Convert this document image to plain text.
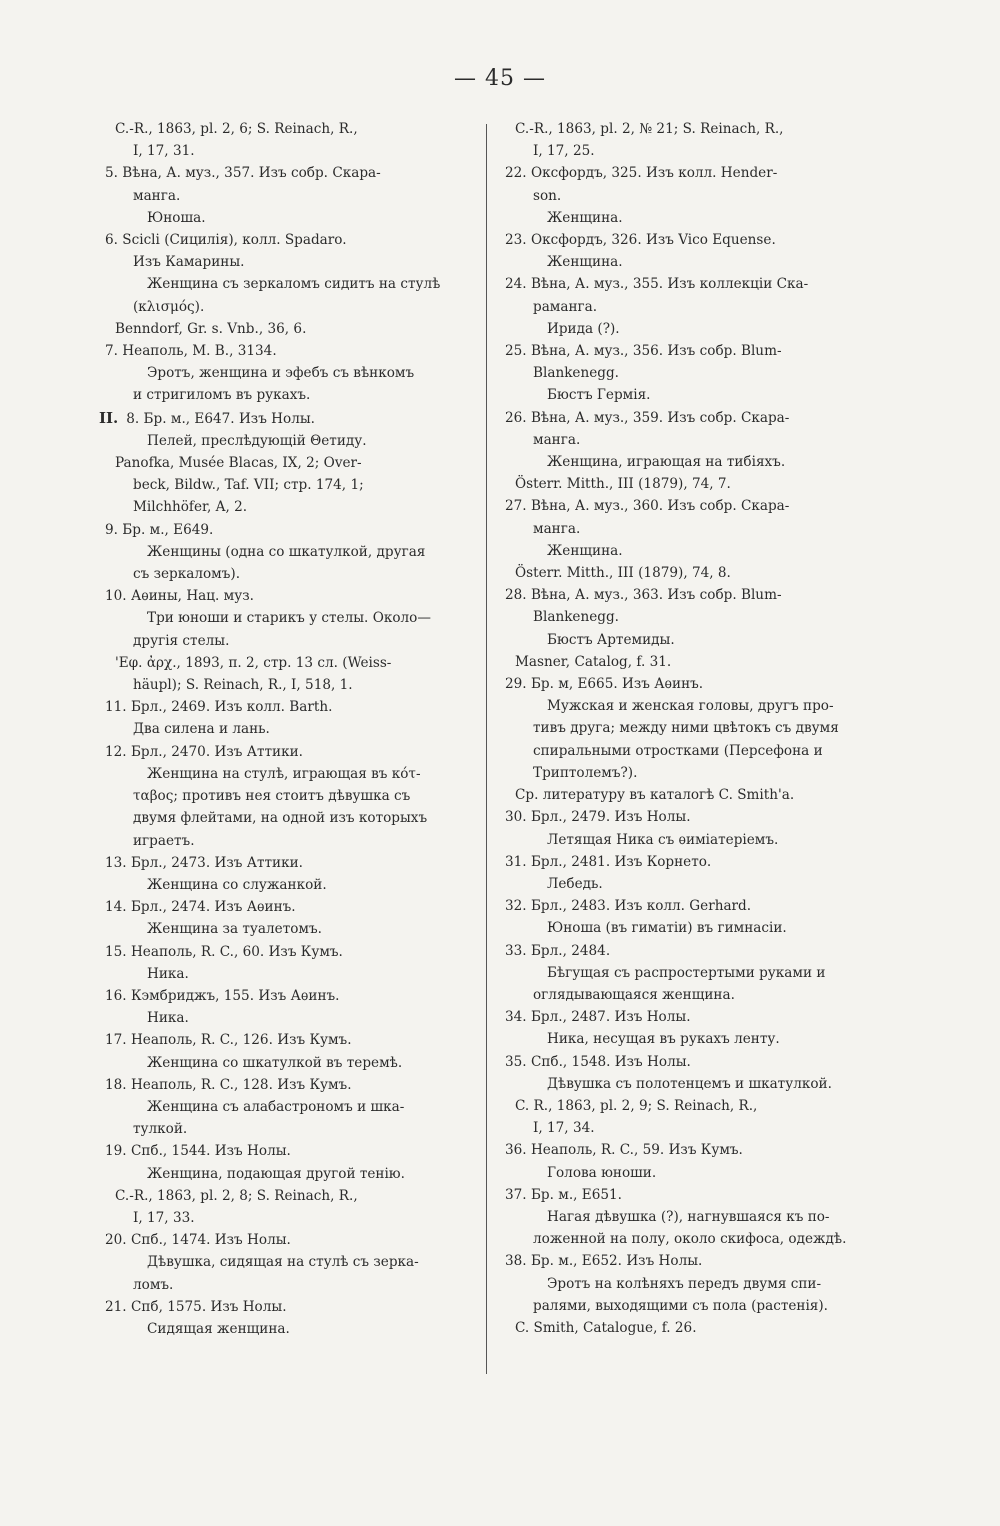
— 45 —
C.-R., 1863, pl. 2, 6; S. Reinach, R.,
I, 17, 31.
5. Вѣна, А. муз., 357. Изъ собр. Скара-
манга.
Юноша.
6. Scicli (Сицилія), колл. Spadaro.
Изъ Камарины.
Женщина съ зеркаломъ сидитъ на стулѣ
(κλισμός).
Benndorf, Gr. s. Vnb., 36, 6.
7. Неаполь, М. В., 3134.
Эротъ, женщина и эфебъ съ вѣнкомъ
и стригиломъ въ рукахъ.
II. 8. Бр. м., Е647. Изъ Нолы.
Пелей, преслѣдующій Θетиду.
Panofka, Musée Blacas, IX, 2; Over-
beck, Bildw., Taf. VII; стр. 174, 1;
Milchhöfer, A, 2.
9. Бр. м., Е649.
Женщины (одна со шкатулкой, другая
съ зеркаломъ).
10. Аѳины, Нац. муз.
Три юноши и старикъ у стелы. Около—
другія стелы.
'Εφ. ἀρχ., 1893, π. 2, стр. 13 сл. (Weiss-
häupl); S. Reinach, R., I, 518, 1.
11. Брл., 2469. Изъ колл. Barth.
Два силена и лань.
12. Брл., 2470. Изъ Аттики.
Женщина на стулѣ, играющая въ κότ-
ταβος; противъ нея стоитъ дѣвушка съ
двумя флейтами, на одной изъ которыхъ
играетъ.
13. Брл., 2473. Изъ Аттики.
Женщина со служанкой.
14. Брл., 2474. Изъ Аѳинъ.
Женщина за туалетомъ.
15. Неаполь, R. C., 60. Изъ Кумъ.
Ника.
16. Кэмбриджъ, 155. Изъ Аѳинъ.
Ника.
17. Неаполь, R. C., 126. Изъ Кумъ.
Женщина со шкатулкой въ теремѣ.
18. Неаполь, R. C., 128. Изъ Кумъ.
Женщина съ алабастрономъ и шка-
тулкой.
19. Спб., 1544. Изъ Нолы.
Женщина, подающая другой тенію.
C.-R., 1863, pl. 2, 8; S. Reinach, R.,
I, 17, 33.
20. Спб., 1474. Изъ Нолы.
Дѣвушка, сидящая на стулѣ съ зерка-
ломъ.
21. Спб, 1575. Изъ Нолы.
Сидящая женщина.
C.-R., 1863, pl. 2, № 21; S. Reinach, R.,
I, 17, 25.
22. Оксфордъ, 325. Изъ колл. Hender-
son.
Женщина.
23. Оксфордъ, 326. Изъ Vico Equense.
Женщина.
24. Вѣна, А. муз., 355. Изъ коллекціи Ска-
раманга.
Ирида (?).
25. Вѣна, А. муз., 356. Изъ собр. Blum-
Blankenegg.
Бюстъ Гермія.
26. Вѣна, А. муз., 359. Изъ собр. Скара-
манга.
Женщина, играющая на тибіяхъ.
Österr. Mitth., III (1879), 74, 7.
27. Вѣна, А. муз., 360. Изъ собр. Скара-
манга.
Женщина.
Österr. Mitth., III (1879), 74, 8.
28. Вѣна, А. муз., 363. Изъ собр. Blum-
Blankenegg.
Бюстъ Артемиды.
Masner, Catalog, f. 31.
29. Бр. м, Е665. Изъ Аѳинъ.
Мужская и женская головы, другъ про-
тивъ друга; между ними цвѣтокъ съ двумя
спиральными отростками (Персефона и
Триптолемъ?).
Ср. литературу въ каталогѣ C. Smith'a.
30. Брл., 2479. Изъ Нолы.
Летящая Ника съ ѳиміатеріемъ.
31. Брл., 2481. Изъ Корнето.
Лебедь.
32. Брл., 2483. Изъ колл. Gerhard.
Юноша (въ гиматіи) въ гимнасіи.
33. Брл., 2484.
Бѣгущая съ распростертыми руками и
оглядывающаяся женщина.
34. Брл., 2487. Изъ Нолы.
Ника, несущая въ рукахъ ленту.
35. Спб., 1548. Изъ Нолы.
Дѣвушка съ полотенцемъ и шкатулкой.
C. R., 1863, pl. 2, 9; S. Reinach, R.,
I, 17, 34.
36. Неаполь, R. C., 59. Изъ Кумъ.
Голова юноши.
37. Бр. м., Е651.
Нагая дѣвушка (?), нагнувшаяся къ по-
ложенной на полу, около скифоса, одеждѣ.
38. Бр. м., Е652. Изъ Нолы.
Эротъ на колѣняхъ передъ двумя спи-
ралями, выходящими съ пола (растенія).
C. Smith, Catalogue, f. 26.
